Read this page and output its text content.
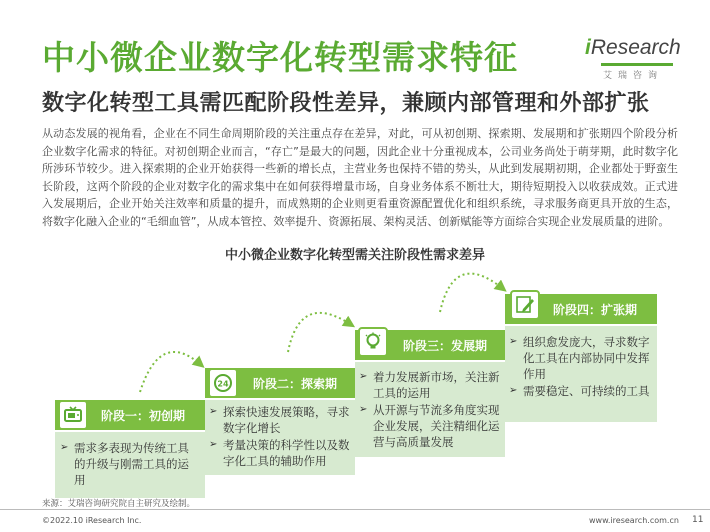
中小微企业数字化转型需求特征
数字化转型工具需匹配阶段性差异，兼顾内部管理和外部扩张
iResearch
艾瑞咨询
从动态发展的视角看，企业在不同生命周期阶段的关注重点存在差异，对此，可从初创期、探索期、发展期和扩张期四个阶段分析企业数字化需求的特征。对初创期企业而言，“存亡”是最大的问题，因此企业十分重视成本，公司业务尚处于萌芽期，此时数字化所涉环节较少。进入探索期的企业开始获得一些新的增长点，主营业务也保持不错的势头，从此到发展期初期，企业都处于野蛮生长阶段，这两个阶段的企业对数字化的需求集中在如何获得增量市场，自身业务体系不断壮大，期待短期投入以收获成效。正式进入发展期后，企业开始关注效率和质量的提升，而成熟期的企业则更看重资源配置优化和组织系统，寻求服务商更具开放的生态，将数字化融入企业的“毛细血管”，从成本管控、效率提升、资源拓展、架构灵活、创新赋能等方面综合实现企业发展质量的进阶。
中小微企业数字化转型需关注阶段性需求差异
阶段一：初创期
➢ 需求多表现为传统工具的升级与刚需工具的运用
阶段二：探索期
24
➢ 探索快速发展策略，寻求数字化增长
➢ 考量决策的科学性以及数字化工具的辅助作用
阶段三：发展期
➢ 着力发展新市场，关注新工具的运用
➢ 从开源与节流多角度实现企业发展，关注精细化运营与高质量发展
阶段四：扩张期
➢ 组织愈发庞大，寻求数字化工具在内部协同中发挥作用
➢ 需要稳定、可持续的工具
来源：艾瑞咨询研究院自主研究及绘制。
©2022.10 iResearch Inc.	www.iresearch.com.cn 11
